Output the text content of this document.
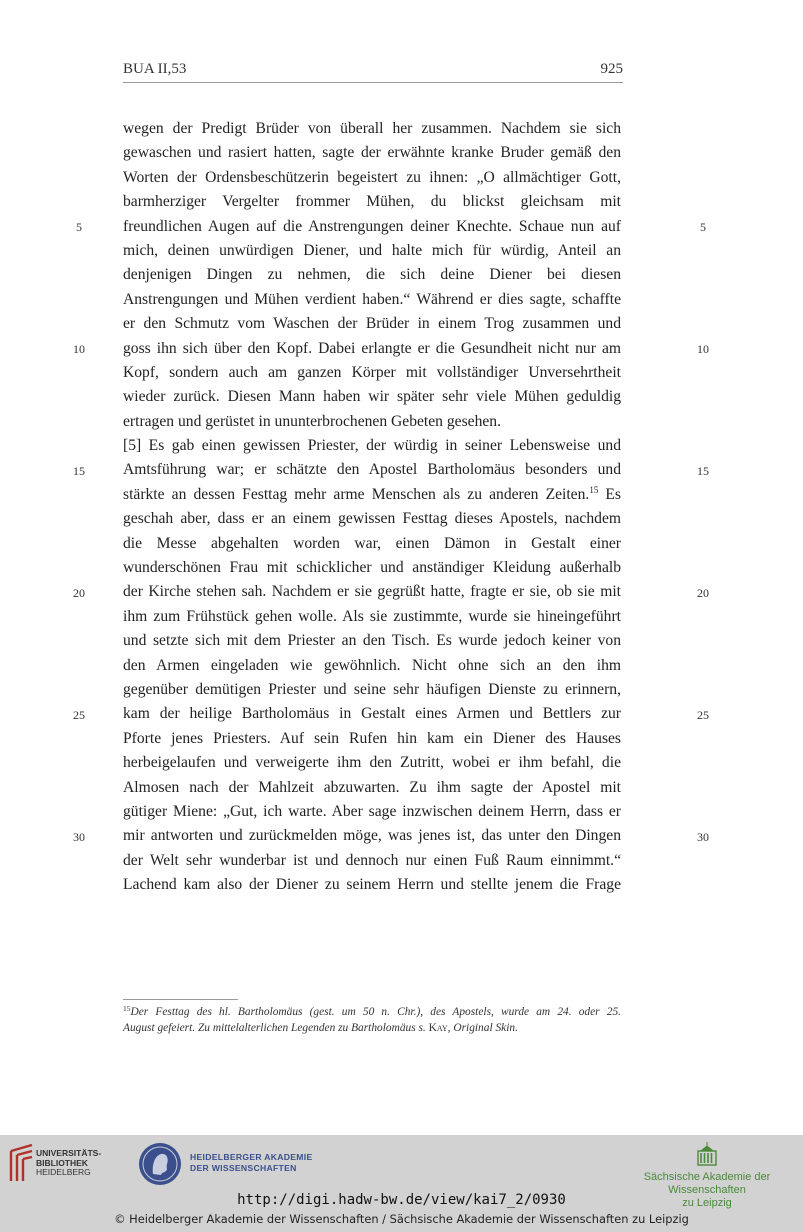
BUA II,53	925
wegen der Predigt Brüder von überall her zusammen. Nachdem sie sich
gewaschen und rasiert hatten, sagte der erwähnte kranke Bruder gemäß den
Worten der Ordensbeschützerin begeistert zu ihnen: „O allmächtiger Gott,
barmherziger Vergelter frommer Mühen, du blickst gleichsam mit
freundlichen Augen auf die Anstrengungen deiner Knechte. Schaue nun auf
mich, deinen unwürdigen Diener, und halte mich für würdig, Anteil an
denjenigen Dingen zu nehmen, die sich deine Diener bei diesen
Anstrengungen und Mühen verdient haben.“ Während er dies sagte, schaffte
er den Schmutz vom Waschen der Brüder in einem Trog zusammen und
goss ihn sich über den Kopf. Dabei erlangte er die Gesundheit nicht nur am
Kopf, sondern auch am ganzen Körper mit vollständiger Unversehrtheit
wieder zurück. Diesen Mann haben wir später sehr viele Mühen geduldig
ertragen und gerüstet in ununterbrochenen Gebeten gesehen.
[5] Es gab einen gewissen Priester, der würdig in seiner Lebensweise und
Amtsführung war; er schätzte den Apostel Bartholomäus besonders und
stärkte an dessen Festtag mehr arme Menschen als zu anderen Zeiten.$^{15}$ Es
geschah aber, dass er an einem gewissen Festtag dieses Apostels, nachdem
die Messe abgehalten worden war, einen Dämon in Gestalt einer
wunderschönen Frau mit schicklicher und anständiger Kleidung außerhalb
der Kirche stehen sah. Nachdem er sie gegrüßt hatte, fragte er sie, ob sie mit
ihm zum Frühstück gehen wolle. Als sie zustimmte, wurde sie hineingeführt
und setzte sich mit dem Priester an den Tisch. Es wurde jedoch keiner von
den Armen eingeladen wie gewöhnlich. Nicht ohne sich an den ihm
gegenüber demütigen Priester und seine sehr häufigen Dienste zu erinnern,
kam der heilige Bartholomäus in Gestalt eines Armen und Bettlers zur
Pforte jenes Priesters. Auf sein Rufen hin kam ein Diener des Hauses
herbeigelaufen und verweigerte ihm den Zutritt, wobei er ihm befahl, die
Almosen nach der Mahlzeit abzuwarten. Zu ihm sagte der Apostel mit
gütiger Miene: „Gut, ich warte. Aber sage inzwischen deinem Herrn, dass er
mir antworten und zurückmelden möge, was jenes ist, das unter den Dingen
der Welt sehr wunderbar ist und dennoch nur einen Fuß Raum einnimmt.“
Lachend kam also der Diener zu seinem Herrn und stellte jenem die Frage
5
10
15
20
25
30
5
10
15
20
25
30
$^{15}$Der Festtag des hl. Bartholomäus (gest. um 50 n. Chr.), des Apostels, wurde am 24. oder 25.
August gefeiert. Zu mittelalterlichen Legenden zu Bartholomäus s. Kay, Original Skin.
UNIVERSITÄTS-
BIBLIOTHEK
HEIDELBERG
HEIDELBERGER AKADEMIE
DER WISSENSCHAFTEN
Sächsische Akademie der Wissenschaften
zu Leipzig
http://digi.hadw-bw.de/view/kai7_2/0930
© Heidelberger Akademie der Wissenschaften / Sächsische Akademie der Wissenschaften zu Leipzig
